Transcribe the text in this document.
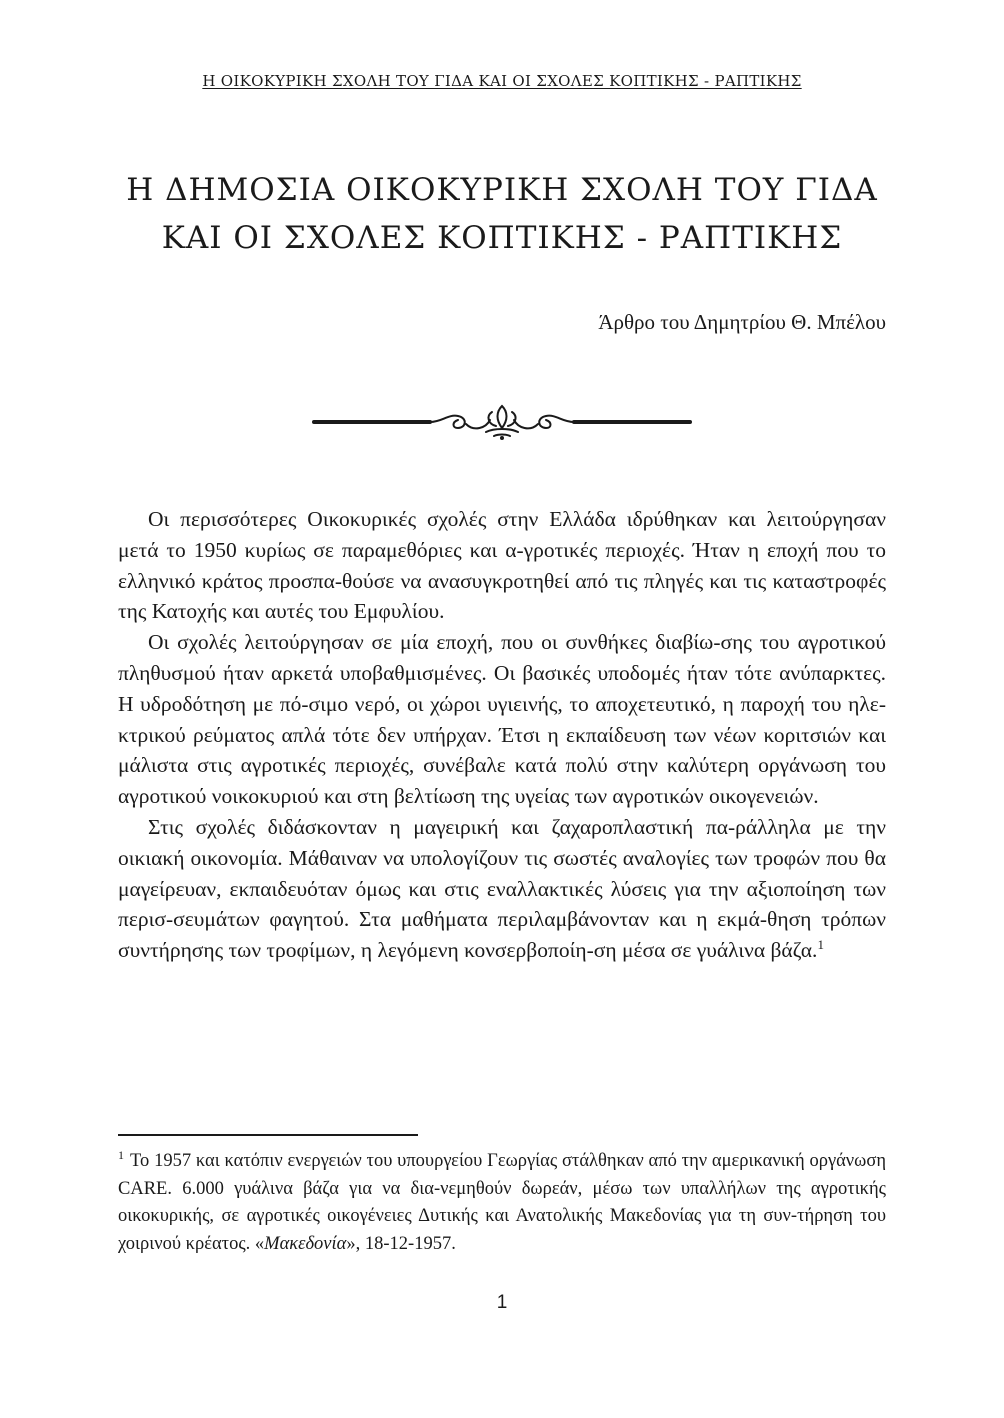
Η ΟΙΚΟΚΥΡΙΚΗ ΣΧΟΛΗ ΤΟΥ ΓΙΔΑ ΚΑΙ ΟΙ ΣΧΟΛΕΣ ΚΟΠΤΙΚΗΣ - ΡΑΠΤΙΚΗΣ
Η ΔΗΜΟΣΙΑ ΟΙΚΟΚΥΡΙΚΗ ΣΧΟΛΗ ΤΟΥ ΓΙΔΑ
ΚΑΙ ΟΙ ΣΧΟΛΕΣ ΚΟΠΤΙΚΗΣ - ΡΑΠΤΙΚΗΣ
Άρθρο του Δημητρίου Θ. Μπέλου

Οι περισσότερες Οικοκυρικές σχολές στην Ελλάδα ιδρύθηκαν και λειτούργησαν μετά το 1950 κυρίως σε παραμεθόριες και α-γροτικές περιοχές. Ήταν η εποχή που το ελληνικό κράτος προσπα-θούσε να ανασυγκροτηθεί από τις πληγές και τις καταστροφές της Κατοχής και αυτές του Εμφυλίου.

Οι σχολές λειτούργησαν σε μία εποχή, που οι συνθήκες διαβίω-σης του αγροτικού πληθυσμού ήταν αρκετά υποβαθμισμένες. Οι βασικές υποδομές ήταν τότε ανύπαρκτες. Η υδροδότηση με πό-σιμο νερό, οι χώροι υγιεινής, το αποχετευτικό, η παροχή του ηλε-κτρικού ρεύματος απλά τότε δεν υπήρχαν. Έτσι η εκπαίδευση των νέων κοριτσιών και μάλιστα στις αγροτικές περιοχές, συνέβαλε κατά πολύ στην καλύτερη οργάνωση του αγροτικού νοικοκυριού και στη βελτίωση της υγείας των αγροτικών οικογενειών.

Στις σχολές διδάσκονταν η μαγειρική και ζαχαροπλαστική πα-ράλληλα με την οικιακή οικονομία. Μάθαιναν να υπολογίζουν τις σωστές αναλογίες των τροφών που θα μαγείρευαν, εκπαιδευόταν όμως και στις εναλλακτικές λύσεις για την αξιοποίηση των περισ-σευμάτων φαγητού. Στα μαθήματα περιλαμβάνονταν και η εκμά-θηση τρόπων συντήρησης των τροφίμων, η λεγόμενη κονσερβοποίη-ση μέσα σε γυάλινα βάζα.$^1$

$^1$ Το 1957 και κατόπιν ενεργειών του υπουργείου Γεωργίας στάλθηκαν από την αμερικανική οργάνωση CARE. 6.000 γυάλινα βάζα για να δια-νεμηθούν δωρεάν, μέσω των υπαλλήλων της αγροτικής οικοκυρικής, σε αγροτικές οικογένειες Δυτικής και Ανατολικής Μακεδονίας για τη συν-τήρηση του χοιρινού κρέατος. «Μακεδονία», 18-12-1957.

1
